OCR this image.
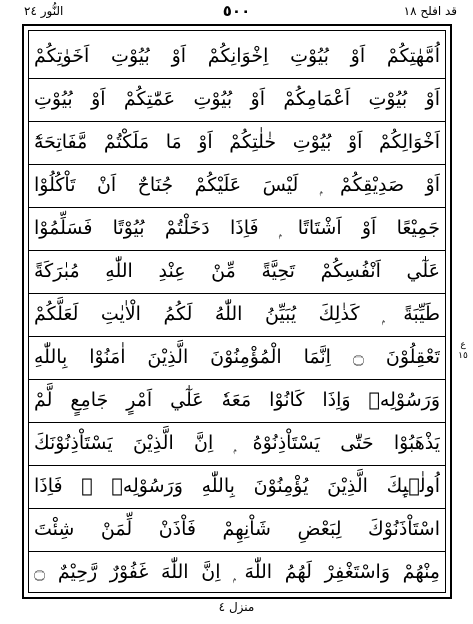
النُّور ٢٤	٥٠٠	قد افلح ١٨
اُمَّهٰتِكُمْ اَوْ بُيُوْتِ اِخْوَانِكُمْ اَوْ بُيُوْتِ اَخَوٰتِكُمْ
اَوْ بُيُوْتِ اَعْمَامِكُمْ اَوْ بُيُوْتِ عَمّٰتِكُمْ اَوْ بُيُوْتِ
اَخْوَالِكُمْ اَوْ بُيُوْتِ خٰلٰتِكُمْ اَوْ مَا مَلَكْتُمْ مَّفَاتِحَهٗٓ
اَوْ صَدِيْقِكُمْ ۭ لَيْسَ عَلَيْكُمْ جُنَاحٌ اَنْ تَاْكُلُوْا
جَمِيْعًا اَوْ اَشْتَاتًا ۭ فَاِذَا دَخَلْتُمْ بُيُوْتًا فَسَلِّمُوْا
عَلٰٓي اَنْفُسِكُمْ تَحِيَّةً مِّنْ عِنْدِ اللّٰهِ مُبٰرَكَةً
طَيِّبَةً ۭ كَذٰلِكَ يُبَيِّنُ اللّٰهُ لَكُمُ الْاٰيٰتِ لَعَلَّكُمْ
تَعْقِلُوْنَ ۝ اِنَّمَا الْمُؤْمِنُوْنَ الَّذِيْنَ اٰمَنُوْا بِاللّٰهِ
وَرَسُوْلِهٖ وَاِذَا كَانُوْا مَعَهٗ عَلٰٓي اَمْرٍ جَامِعٍ لَّمْ
يَذْهَبُوْا حَتّٰى يَسْتَاْذِنُوْهُ ۭ اِنَّ الَّذِيْنَ يَسْتَاْذِنُوْنَكَ
اُولٰۗىِٕكَ الَّذِيْنَ يُؤْمِنُوْنَ بِاللّٰهِ وَرَسُوْلِهٖ ۚ فَاِذَا
اسْتَاْذَنُوْكَ لِبَعْضِ شَاْنِهِمْ فَاْذَنْ لِّمَنْ شِئْتَ
مِنْهُمْ وَاسْتَغْفِرْ لَهُمُ اللّٰهَ ۭ اِنَّ اللّٰهَ غَفُوْرٌ رَّحِيْمٌ ۝
ع ١٥
منزل ٤
